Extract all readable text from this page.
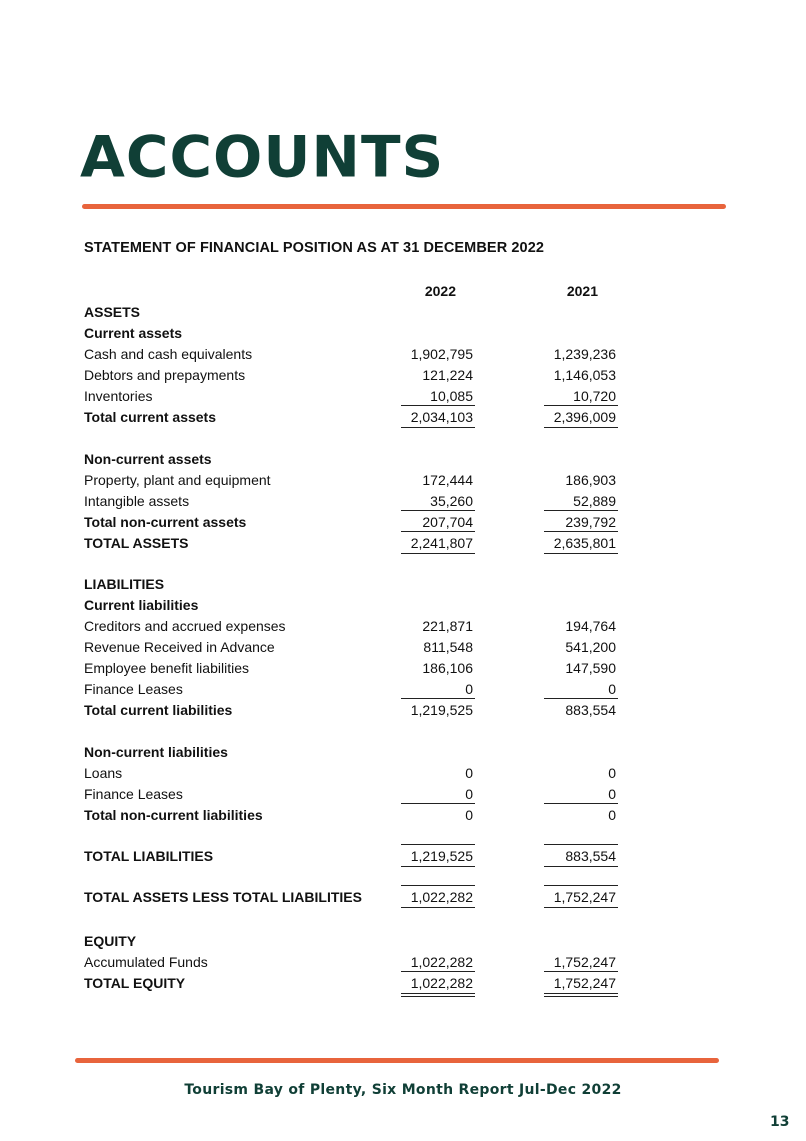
ACCOUNTS
STATEMENT OF FINANCIAL POSITION AS AT 31 DECEMBER 2022
2022	2021
ASSETS
Current assets
Cash and cash equivalents	1,902,795	1,239,236
Debtors and prepayments	121,224	1,146,053
Inventories	10,085	10,720
Total current assets	2,034,103	2,396,009
Non-current assets
Property, plant and equipment	172,444	186,903
Intangible assets	35,260	52,889
Total non-current assets	207,704	239,792
TOTAL ASSETS	2,241,807	2,635,801
LIABILITIES
Current liabilities
Creditors and accrued expenses	221,871	194,764
Revenue Received in Advance	811,548	541,200
Employee benefit liabilities	186,106	147,590
Finance Leases	0	0
Total current liabilities	1,219,525	883,554
Non-current liabilities
Loans	0	0
Finance Leases	0	0
Total non-current liabilities	0	0
TOTAL LIABILITIES	1,219,525	883,554
TOTAL ASSETS LESS TOTAL LIABILITIES	1,022,282	1,752,247
EQUITY
Accumulated Funds	1,022,282	1,752,247
TOTAL EQUITY	1,022,282	1,752,247
Tourism Bay of Plenty, Six Month Report Jul-Dec 2022
13
